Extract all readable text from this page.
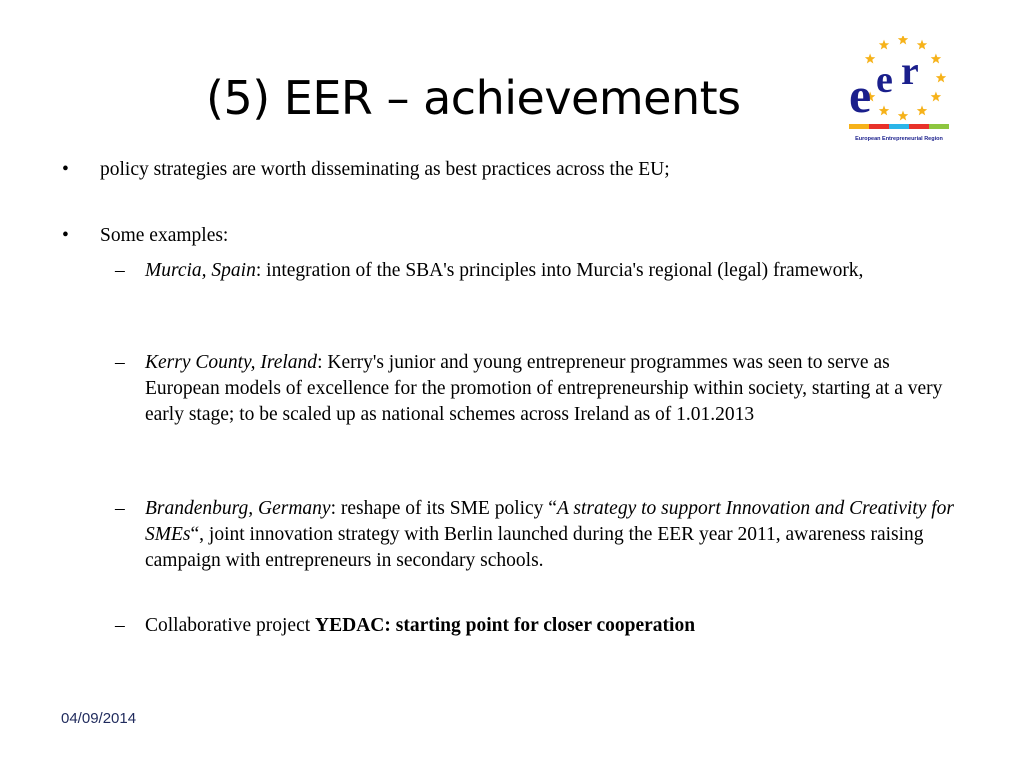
(5) EER – achievements e e r
European Entrepreneurial Region
• policy strategies are worth disseminating as best practices across the EU;
• Some examples:
– Murcia, Spain: integration of the SBA's principles into Murcia's regional (legal) framework,
– Kerry County, Ireland: Kerry's junior and young entrepreneur programmes was seen to serve as European models of excellence for the promotion of entrepreneurship within society, starting at a very early stage; to be scaled up as national schemes across Ireland as of 1.01.2013
– Brandenburg, Germany: reshape of its SME policy “A strategy to support Innovation and Creativity for SMEs“, joint innovation strategy with Berlin launched during the EER year 2011, awareness raising campaign with entrepreneurs in secondary schools.
– Collaborative project YEDAC: starting point for closer cooperation
04/09/2014
